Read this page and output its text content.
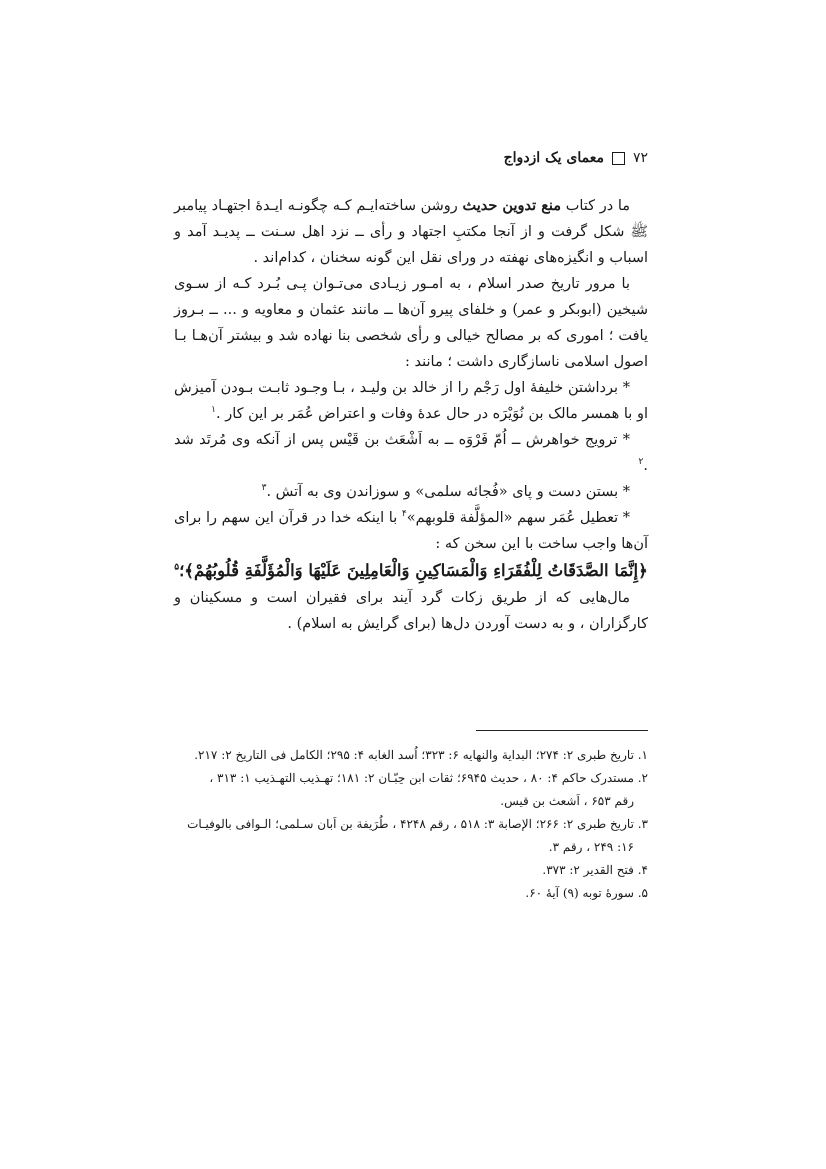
۷۲
معمای یک ازدواج

ما در کتاب منع تدوین حدیث روشن ساخته‌ایـم کـه چگونـه ایـدهٔ اجتهـاد پیامبر ﷺ شکل گرفت و از آنجا مکتبِ اجتهاد و رأی ــ نزد اهل سـنت ــ پدیـد آمد و اسباب و انگیزه‌های نهفته در ورای نقل این گونه سخنان ، کدام‌اند .

با مرور تاریخ صدر اسلام ، به امـور زیـادی می‌تـوان پـی بُـرد کـه از سـوی شیخین (ابوبکر و عمر) و خلفای پیرو آن‌ها ــ مانند عثمان و معاویه و ... ــ بـروز یافت ؛ اموری که بر مصالح خیالی و رأی شخصی بنا نهاده شد و بیشتر آن‌هـا بـا اصول اسلامی ناسازگاری داشت ؛ مانند :

* برداشتن خلیفهٔ اول رَجْم را از خالد بن ولیـد ، بـا وجـود ثابـت بـودن آمیزش او با همسر مالک بن نُوَیْرَه در حال عدهٔ وفات و اعتراض عُمَر بر این کار .$^۱$

* ترویج خواهرش ــ اُمّ فَرْوَه ــ به اَشْعَث بن قَیْس پس از آنکه وی مُرتَد شد .$^۲$

* بستن دست و پای «فُجائه سلمی» و سوزاندن وی به آتش .$^۳$

* تعطیل عُمَر سهم «المؤلَّفة قلوبهم»$^۴$ با اینکه خدا در قرآن این سهم را برای آن‌ها واجب ساخت با این سخن که :

﴿إِنَّمَا الصَّدَقَاتُ لِلْفُقَرَاءِ وَالْمَسَاكِينِ وَالْعَامِلِينَ عَلَيْهَا وَالْمُؤَلَّفَةِ قُلُوبُهُمْ﴾؛$^۵$

مال‌هایی که از طریق زکات گرد آیند برای فقیران است و مسکینان و کارگزاران ، و به دست آوردن دل‌ها (برای گرایش به اسلام) .

۱. تاریخ طبری ۲: ۲۷۴؛ البدایة والنهایه ۶: ۳۲۳؛ اُسد الغابه ۴: ۲۹۵؛ الکامل فی التاریخ ۲: ۲۱۷.

۲. مستدرک حاکم ۴: ۸۰ ، حدیث ۶۹۴۵؛ ثقات ابن حِبّـان ۲: ۱۸۱؛ تهـذیب التهـذیب ۱: ۳۱۳ ،

رقم ۶۵۳ ، اَشعث بن قیس.

۳. تاریخ طبری ۲: ۲۶۶؛ الإصابة ۳: ۵۱۸ ، رقم ۴۲۴۸ ، طُرَیفة بن اَبان سـلمی؛ الـوافی بالوفیـات

۱۶: ۲۴۹ ، رقم ۳.

۴. فتح القدیر ۲: ۳۷۳.

۵. سورهٔ توبه (۹) آیهٔ ۶۰.
